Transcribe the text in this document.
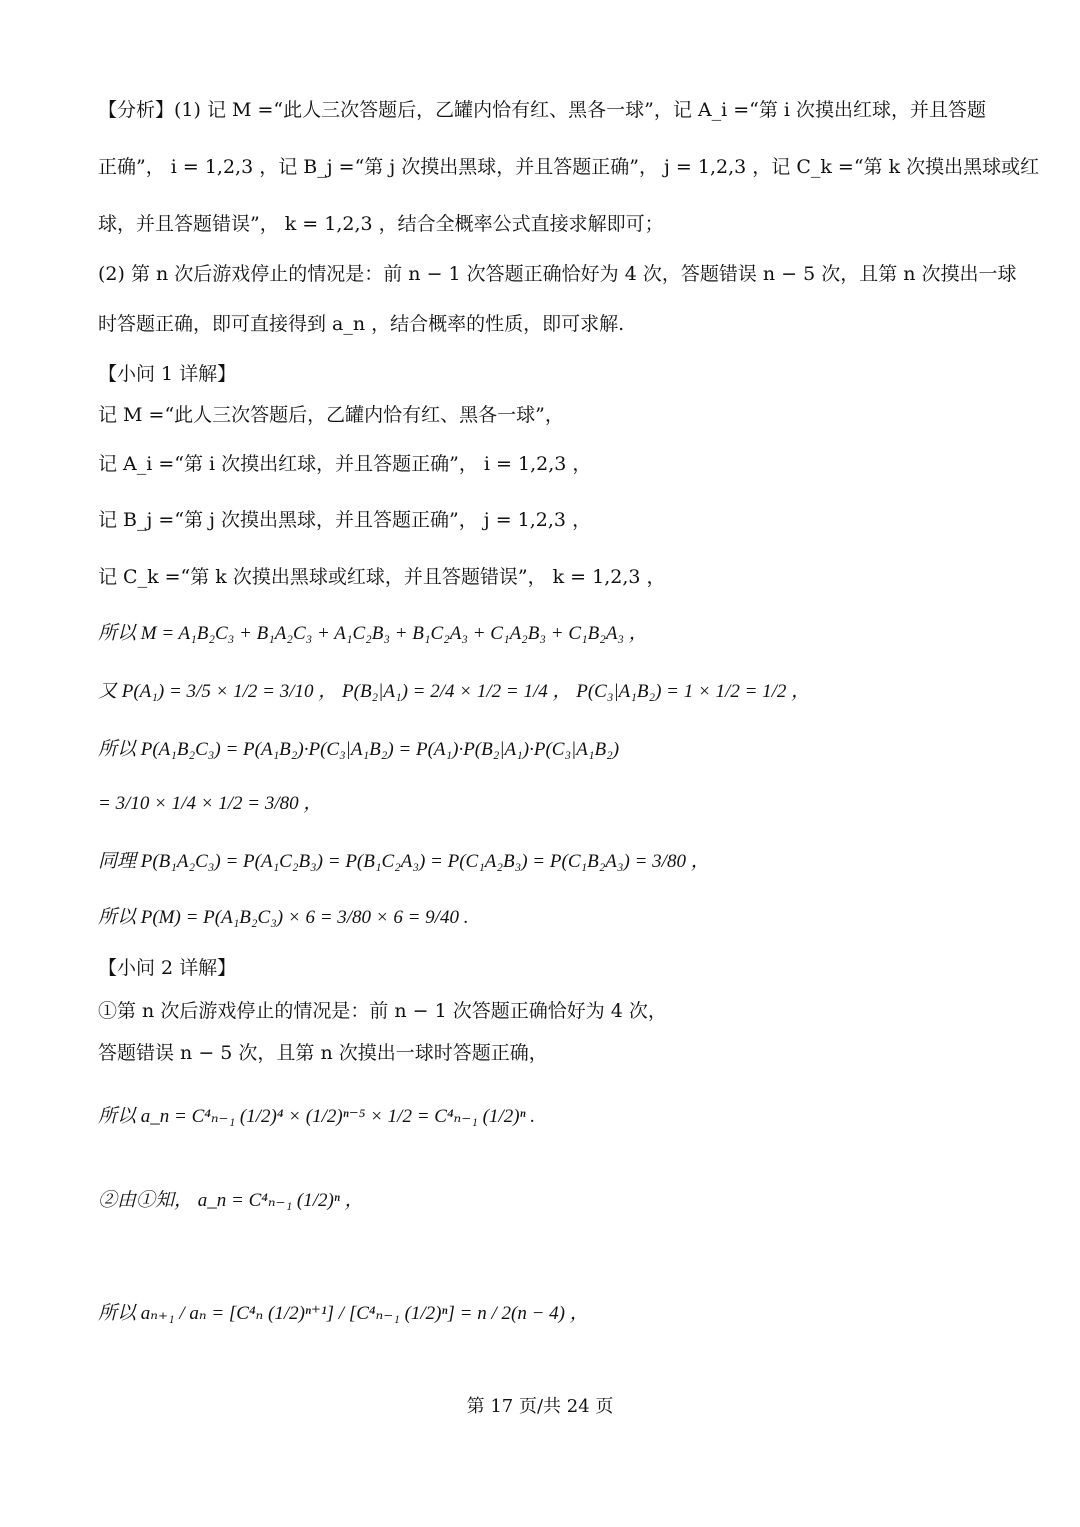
【分析】(1) 记 M =“此人三次答题后，乙罐内恰有红、黑各一球”，记 A_i =“第 i 次摸出红球，并且答题
正确”， i = 1,2,3 ，记 B_j =“第 j 次摸出黑球，并且答题正确”， j = 1,2,3 ，记 C_k =“第 k 次摸出黑球或红
球，并且答题错误”， k = 1,2,3 ，结合全概率公式直接求解即可；
(2) 第 n 次后游戏停止的情况是：前 n − 1 次答题正确恰好为 4 次，答题错误 n − 5 次，且第 n 次摸出一球
时答题正确，即可直接得到 a_n ，结合概率的性质，即可求解.
【小问 1 详解】
记 M =“此人三次答题后，乙罐内恰有红、黑各一球”，
记 A_i =“第 i 次摸出红球，并且答题正确”， i = 1,2,3 ，
记 B_j =“第 j 次摸出黑球，并且答题正确”， j = 1,2,3 ，
记 C_k =“第 k 次摸出黑球或红球，并且答题错误”， k = 1,2,3 ，
所以 M = A₁B₂C₃ + B₁A₂C₃ + A₁C₂B₃ + B₁C₂A₃ + C₁A₂B₃ + C₁B₂A₃ ，
又 P(A₁) = 3/5 × 1/2 = 3/10 ， P(B₂|A₁) = 2/4 × 1/2 = 1/4 ， P(C₃|A₁B₂) = 1 × 1/2 = 1/2 ，
所以 P(A₁B₂C₃) = P(A₁B₂)·P(C₃|A₁B₂) = P(A₁)·P(B₂|A₁)·P(C₃|A₁B₂)
= 3/10 × 1/4 × 1/2 = 3/80 ，
同理 P(B₁A₂C₃) = P(A₁C₂B₃) = P(B₁C₂A₃) = P(C₁A₂B₃) = P(C₁B₂A₃) = 3/80 ，
所以 P(M) = P(A₁B₂C₃) × 6 = 3/80 × 6 = 9/40 .
【小问 2 详解】
①第 n 次后游戏停止的情况是：前 n − 1 次答题正确恰好为 4 次，
答题错误 n − 5 次，且第 n 次摸出一球时答题正确，
所以 a_n = C⁴ₙ₋₁ (1/2)⁴ × (1/2)ⁿ⁻⁵ × 1/2 = C⁴ₙ₋₁ (1/2)ⁿ .
②由①知， a_n = C⁴ₙ₋₁ (1/2)ⁿ ，
所以 aₙ₊₁ / aₙ = [C⁴ₙ (1/2)ⁿ⁺¹] / [C⁴ₙ₋₁ (1/2)ⁿ] = n / 2(n − 4) ，
第 17 页/共 24 页
